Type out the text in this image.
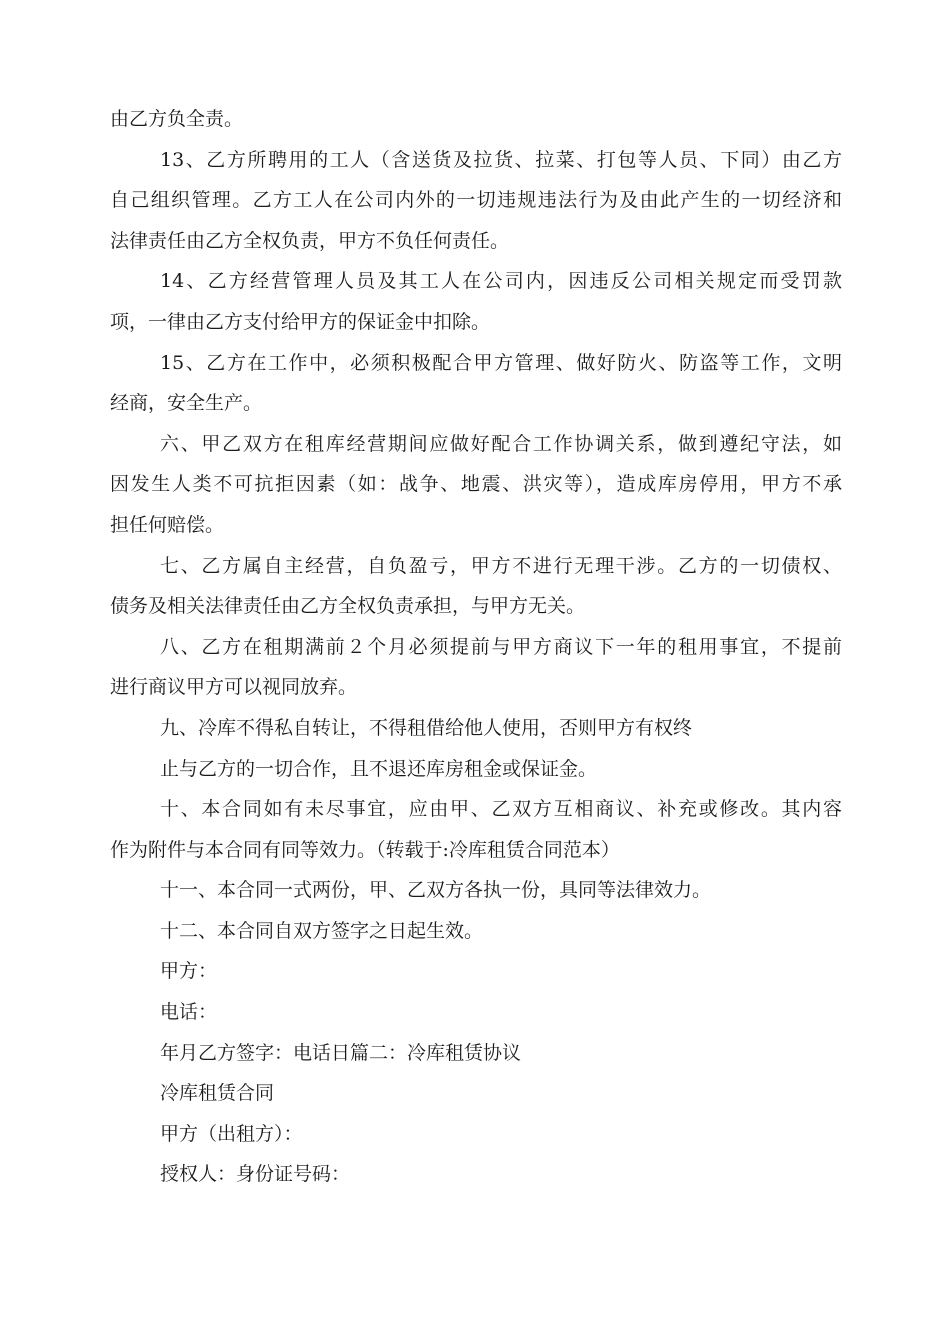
由乙方负全责。
13、乙方所聘用的工人（含送货及拉货、拉菜、打包等人员、下同）由乙方
自己组织管理。乙方工人在公司内外的一切违规违法行为及由此产生的一切经济和
法律责任由乙方全权负责，甲方不负任何责任。
14、乙方经营管理人员及其工人在公司内，因违反公司相关规定而受罚款
项，一律由乙方支付给甲方的保证金中扣除。
15、乙方在工作中，必须积极配合甲方管理、做好防火、防盗等工作，文明
经商，安全生产。
六、甲乙双方在租库经营期间应做好配合工作协调关系，做到遵纪守法，如
因发生人类不可抗拒因素（如：战争、地震、洪灾等），造成库房停用，甲方不承
担任何赔偿。
七、乙方属自主经营，自负盈亏，甲方不进行无理干涉。乙方的一切债权、
债务及相关法律责任由乙方全权负责承担，与甲方无关。
八、乙方在租期满前２个月必须提前与甲方商议下一年的租用事宜，不提前
进行商议甲方可以视同放弃。
九、冷库不得私自转让，不得租借给他人使用，否则甲方有权终
止与乙方的一切合作，且不退还库房租金或保证金。
十、本合同如有未尽事宜，应由甲、乙双方互相商议、补充或修改。其内容
作为附件与本合同有同等效力。（转载于:冷库租赁合同范本）
十一、本合同一式两份，甲、乙双方各执一份，具同等法律效力。
十二、本合同自双方签字之日起生效。
甲方：
电话：
年月乙方签字：电话日篇二：冷库租赁协议
冷库租赁合同
甲方（出租方）：
授权人：身份证号码：
